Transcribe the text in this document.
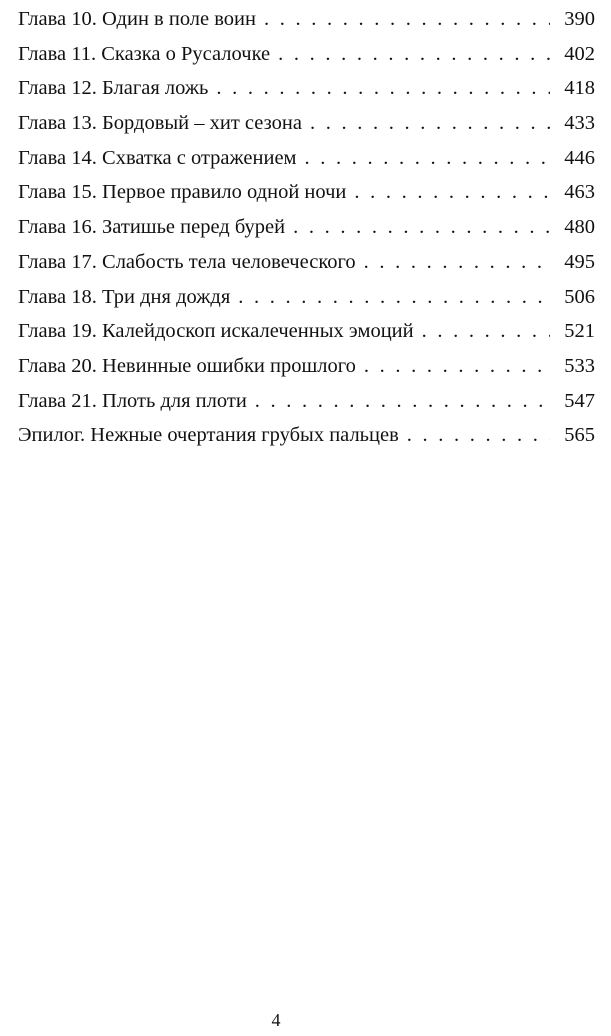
Глава 10. Один в поле воин . . .	390
Глава 11. Сказка о Русалочке . . .	402
Глава 12. Благая ложь . . .	418
Глава 13. Бордовый – хит сезона . . .	433
Глава 14. Схватка с отражением . . .	446
Глава 15. Первое правило одной ночи . . .	463
Глава 16. Затишье перед бурей . . .	480
Глава 17. Слабость тела человеческого . . .	495
Глава 18. Три дня дождя . . .	506
Глава 19. Калейдоскоп искалеченных эмоций . . .	521
Глава 20. Невинные ошибки прошлого . . .	533
Глава 21. Плоть для плоти . . .	547
Эпилог. Нежные очертания грубых пальцев . . .	565
4
